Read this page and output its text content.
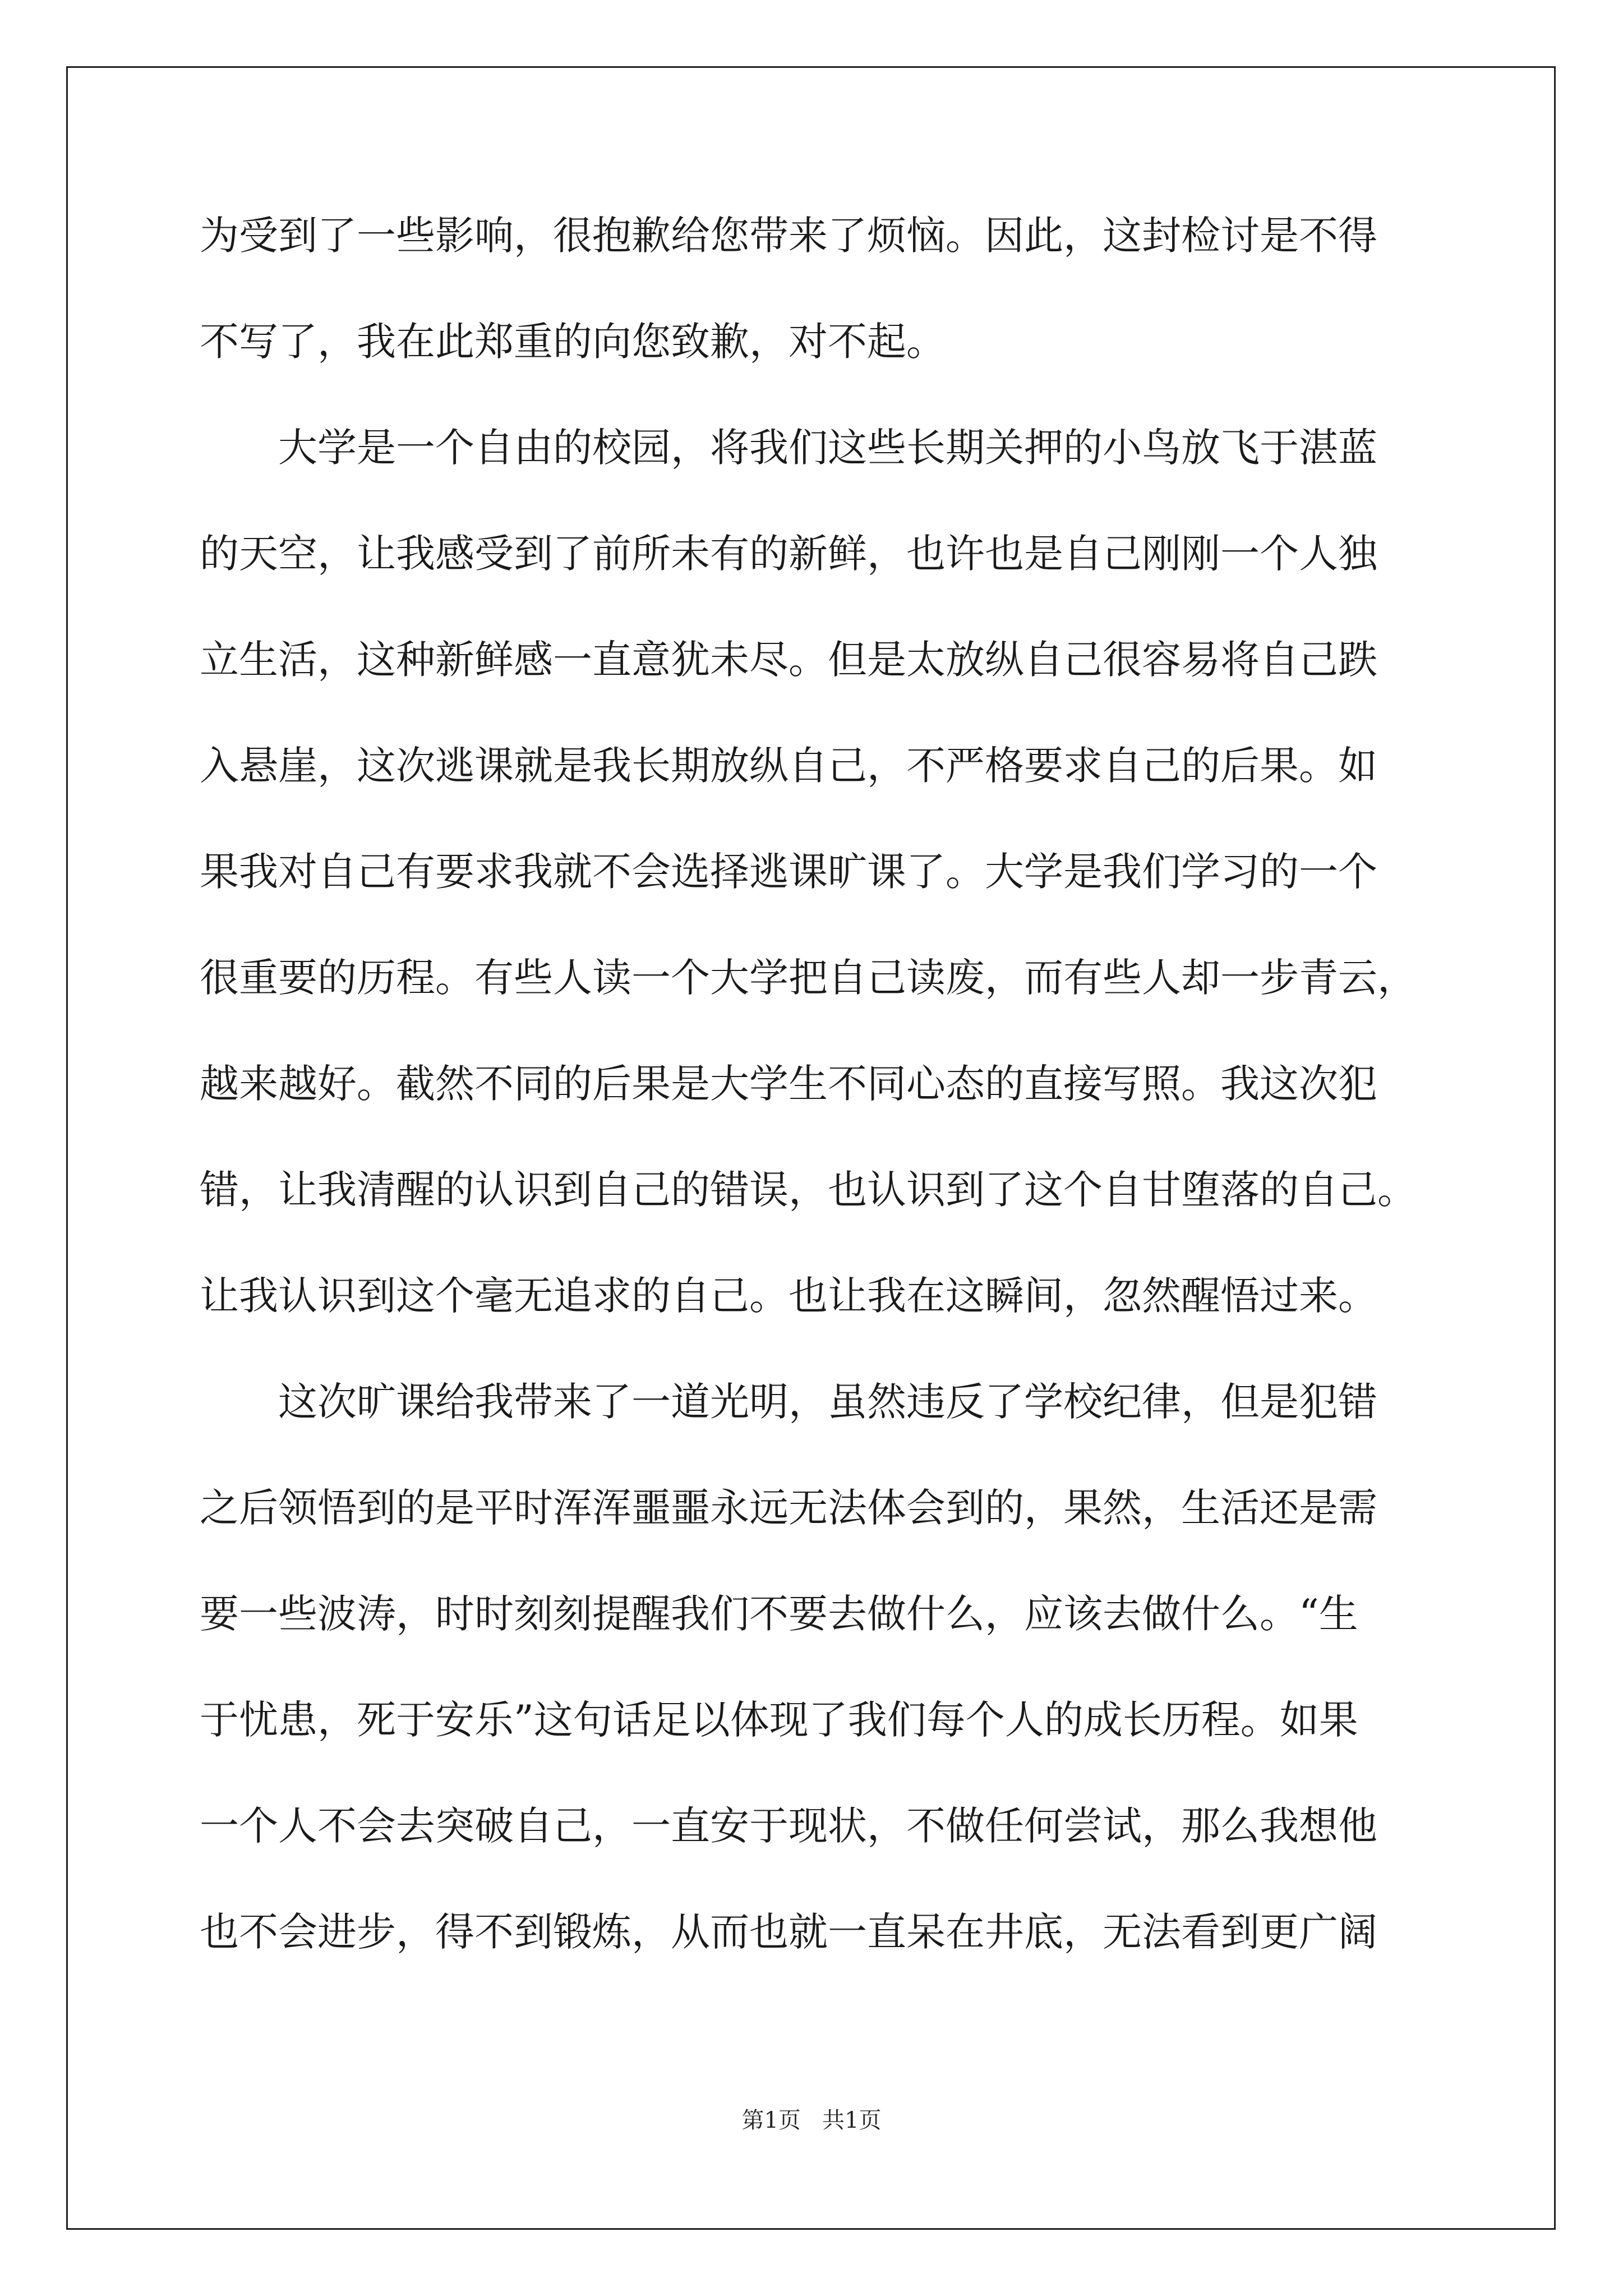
为受到了一些影响，很抱歉给您带来了烦恼。因此，这封检讨是不得
不写了，我在此郑重的向您致歉，对不起。
大学是一个自由的校园，将我们这些长期关押的小鸟放飞于湛蓝
的天空，让我感受到了前所未有的新鲜，也许也是自己刚刚一个人独
立生活，这种新鲜感一直意犹未尽。但是太放纵自己很容易将自己跌
入悬崖，这次逃课就是我长期放纵自己，不严格要求自己的后果。如
果我对自己有要求我就不会选择逃课旷课了。大学是我们学习的一个
很重要的历程。有些人读一个大学把自己读废，而有些人却一步青云，
越来越好。截然不同的后果是大学生不同心态的直接写照。我这次犯
错，让我清醒的认识到自己的错误，也认识到了这个自甘堕落的自己。
让我认识到这个毫无追求的自己。也让我在这瞬间，忽然醒悟过来。
这次旷课给我带来了一道光明，虽然违反了学校纪律，但是犯错
之后领悟到的是平时浑浑噩噩永远无法体会到的，果然，生活还是需
要一些波涛，时时刻刻提醒我们不要去做什么，应该去做什么。“生
于忧患，死于安乐”这句话足以体现了我们每个人的成长历程。如果
一个人不会去突破自己，一直安于现状，不做任何尝试，那么我想他
也不会进步，得不到锻炼，从而也就一直呆在井底，无法看到更广阔
第1页   共1页
